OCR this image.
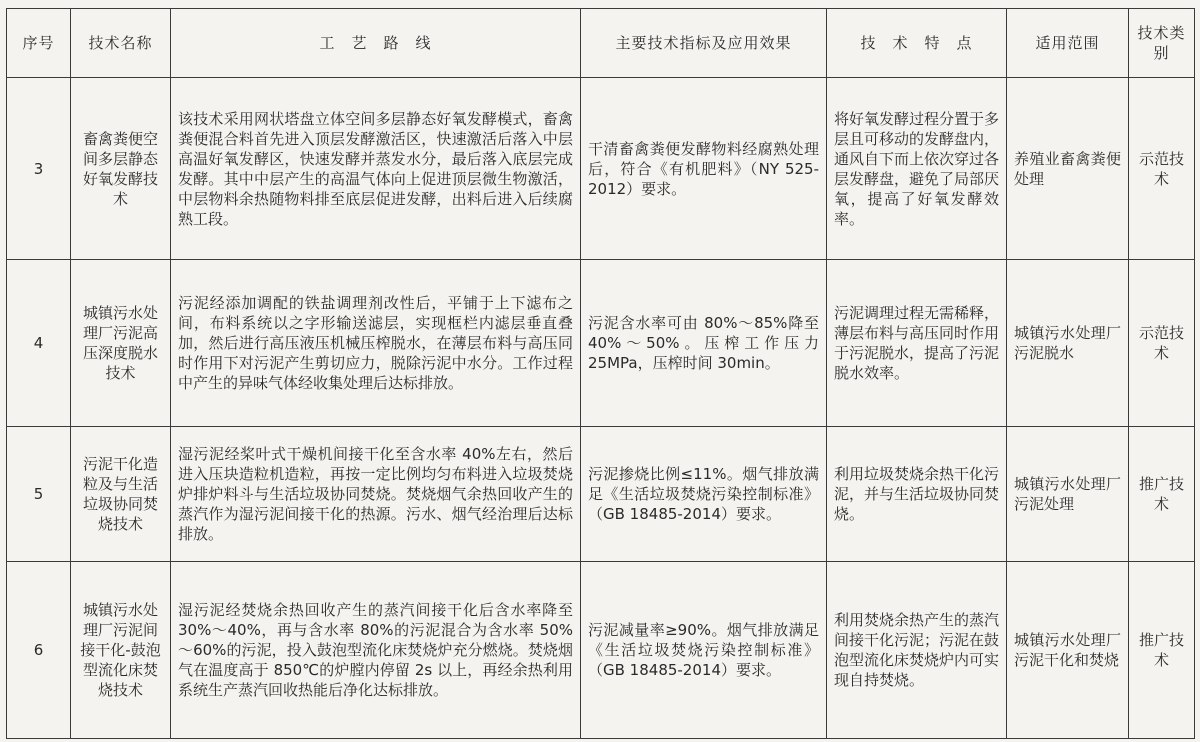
序号	技术名称	工　艺　路　线	主要技术指标及应用效果	技　术　特　点	适用范围	技术类别
3	畜禽粪便空间多层静态好氧发酵技术	该技术采用网状塔盘立体空间多层静态好氧发酵模式，畜禽粪便混合料首先进入顶层发酵激活区，快速激活后落入中层高温好氧发酵区，快速发酵并蒸发水分，最后落入底层完成发酵。其中中层产生的高温气体向上促进顶层微生物激活，中层物料余热随物料排至底层促进发酵，出料后进入后续腐熟工段。	干清畜禽粪便发酵物料经腐熟处理后，符合《有机肥料》（NY 525-2012）要求。	将好氧发酵过程分置于多层且可移动的发酵盘内，通风自下而上依次穿过各层发酵盘，避免了局部厌氧，提高了好氧发酵效率。	养殖业畜禽粪便处理	示范技术
4	城镇污水处理厂污泥高压深度脱水技术	污泥经添加调配的铁盐调理剂改性后，平铺于上下滤布之间，布料系统以之字形输送滤层，实现框栏内滤层垂直叠加，然后进行高压液压机械压榨脱水，在薄层布料与高压同时作用下对污泥产生剪切应力，脱除污泥中水分。工作过程中产生的异味气体经收集处理后达标排放。	污泥含水率可由 80%～85%降至 40%～50%。压榨工作压力25MPa，压榨时间 30min。	污泥调理过程无需稀释，薄层布料与高压同时作用于污泥脱水，提高了污泥脱水效率。	城镇污水处理厂污泥脱水	示范技术
5	污泥干化造粒及与生活垃圾协同焚烧技术	湿污泥经桨叶式干燥机间接干化至含水率 40%左右，然后进入压块造粒机造粒，再按一定比例均匀布料进入垃圾焚烧炉排炉料斗与生活垃圾协同焚烧。焚烧烟气余热回收产生的蒸汽作为湿污泥间接干化的热源。污水、烟气经治理后达标排放。	污泥掺烧比例≤11%。烟气排放满足《生活垃圾焚烧污染控制标准》（GB 18485-2014）要求。	利用垃圾焚烧余热干化污泥，并与生活垃圾协同焚烧。	城镇污水处理厂污泥处理	推广技术
6	城镇污水处理厂污泥间接干化-鼓泡型流化床焚烧技术	湿污泥经焚烧余热回收产生的蒸汽间接干化后含水率降至 30%～40%，再与含水率 80%的污泥混合为含水率 50%～60%的污泥，投入鼓泡型流化床焚烧炉充分燃烧。焚烧烟气在温度高于 850℃的炉膛内停留 2s 以上，再经余热利用系统生产蒸汽回收热能后净化达标排放。	污泥减量率≥90%。烟气排放满足《生活垃圾焚烧污染控制标准》（GB 18485-2014）要求。	利用焚烧余热产生的蒸汽间接干化污泥；污泥在鼓泡型流化床焚烧炉内可实现自持焚烧。	城镇污水处理厂污泥干化和焚烧	推广技术
